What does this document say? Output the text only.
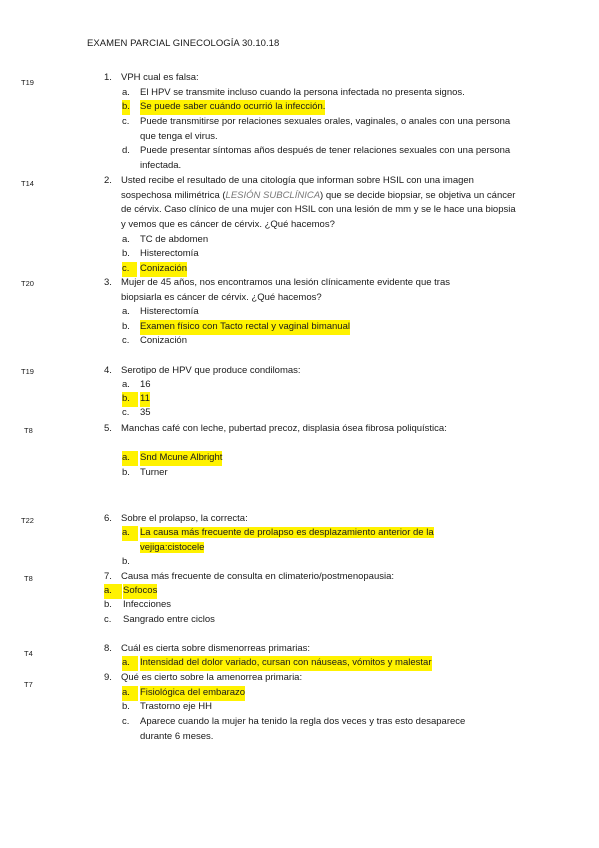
EXAMEN PARCIAL GINECOLOGÍA 30.10.18
T19
T14
T20
T19
T8
T22
T8
T4
T7
1. VPH cual es falsa:
a. El HPV se transmite incluso cuando la persona infectada no presenta signos.
b. Se puede saber cuándo ocurrió la infección.
c. Puede transmitirse por relaciones sexuales orales, vaginales, o anales con una persona que tenga el virus.
d. Puede presentar síntomas años después de tener relaciones sexuales con una persona infectada.
2. Usted recibe el resultado de una citología que informan sobre HSIL con una imagen sospechosa milimétrica (LESIÓN SUBCLÍNICA) que se decide biopsiar, se objetiva un cáncer de cérvix. Caso clínico de una mujer con HSIL con una lesión de mm y se le hace una biopsia y vemos que es cáncer de cérvix. ¿Qué hacemos?
a. TC de abdomen
b. Histerectomía
c.	Conización
3. Mujer de 45 años, nos encontramos una lesión clínicamente evidente que tras biopsiarla es cáncer de cérvix. ¿Qué hacemos?
a. Histerectomía
b. Examen físico con Tacto rectal y vaginal bimanual
c. Conización
4. Serotipo de HPV que produce condilomas:
a. 16
b.	11
c. 35
5. Manchas café con leche, pubertad precoz, displasia ósea fibrosa poliquística:
a.	Snd Mcune Albright
b. Turner
6. Sobre el prolapso, la correcta:
a.	La causa más frecuente de prolapso es desplazamiento anterior de la vejiga:cistocele
b.
7. Causa más frecuente de consulta en climaterio/postmenopausia:
a.	Sofocos
b. Infecciones
c. Sangrado entre ciclos
8. Cuál es cierta sobre dismenorreas primarias:
a.	Intensidad del dolor variado, cursan con náuseas, vómitos y malestar
9. Qué es cierto sobre la amenorrea primaria:
a.	Fisiológica del embarazo
b. Trastorno eje HH
c. Aparece cuando la mujer ha tenido la regla dos veces y tras esto desaparece durante 6 meses.
